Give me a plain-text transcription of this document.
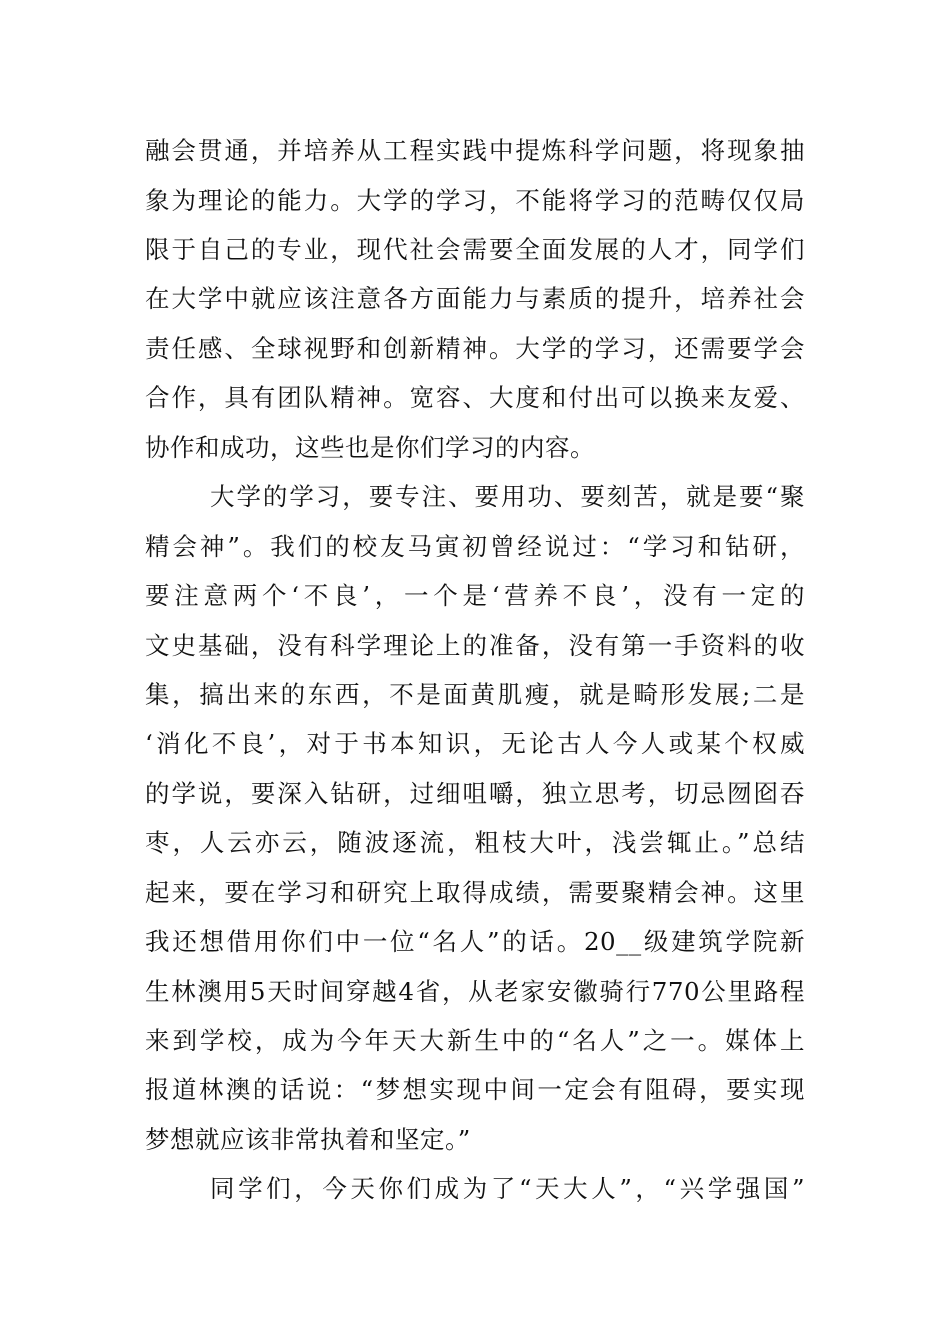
融会贯通，并培养从工程实践中提炼科学问题，将现象抽
象为理论的能力。大学的学习，不能将学习的范畴仅仅局
限于自己的专业，现代社会需要全面发展的人才，同学们
在大学中就应该注意各方面能力与素质的提升，培养社会
责任感、全球视野和创新精神。大学的学习，还需要学会
合作，具有团队精神。宽容、大度和付出可以换来友爱、
协作和成功，这些也是你们学习的内容。
大学的学习，要专注、要用功、要刻苦，就是要“聚
精会神”。我们的校友马寅初曾经说过：“学习和钻研，
要注意两个‘不良’，一个是‘营养不良’，没有一定的
文史基础，没有科学理论上的准备，没有第一手资料的收
集，搞出来的东西，不是面黄肌瘦，就是畸形发展;二是
‘消化不良’，对于书本知识，无论古人今人或某个权威
的学说，要深入钻研，过细咀嚼，独立思考，切忌囫囵吞
枣，人云亦云，随波逐流，粗枝大叶，浅尝辄止。”总结
起来，要在学习和研究上取得成绩，需要聚精会神。这里
我还想借用你们中一位“名人”的话。20__级建筑学院新
生林澳用5天时间穿越4省，从老家安徽骑行770公里路程
来到学校，成为今年天大新生中的“名人”之一。媒体上
报道林澳的话说：“梦想实现中间一定会有阻碍，要实现
梦想就应该非常执着和坚定。”
同学们，今天你们成为了“天大人”，“兴学强国”
